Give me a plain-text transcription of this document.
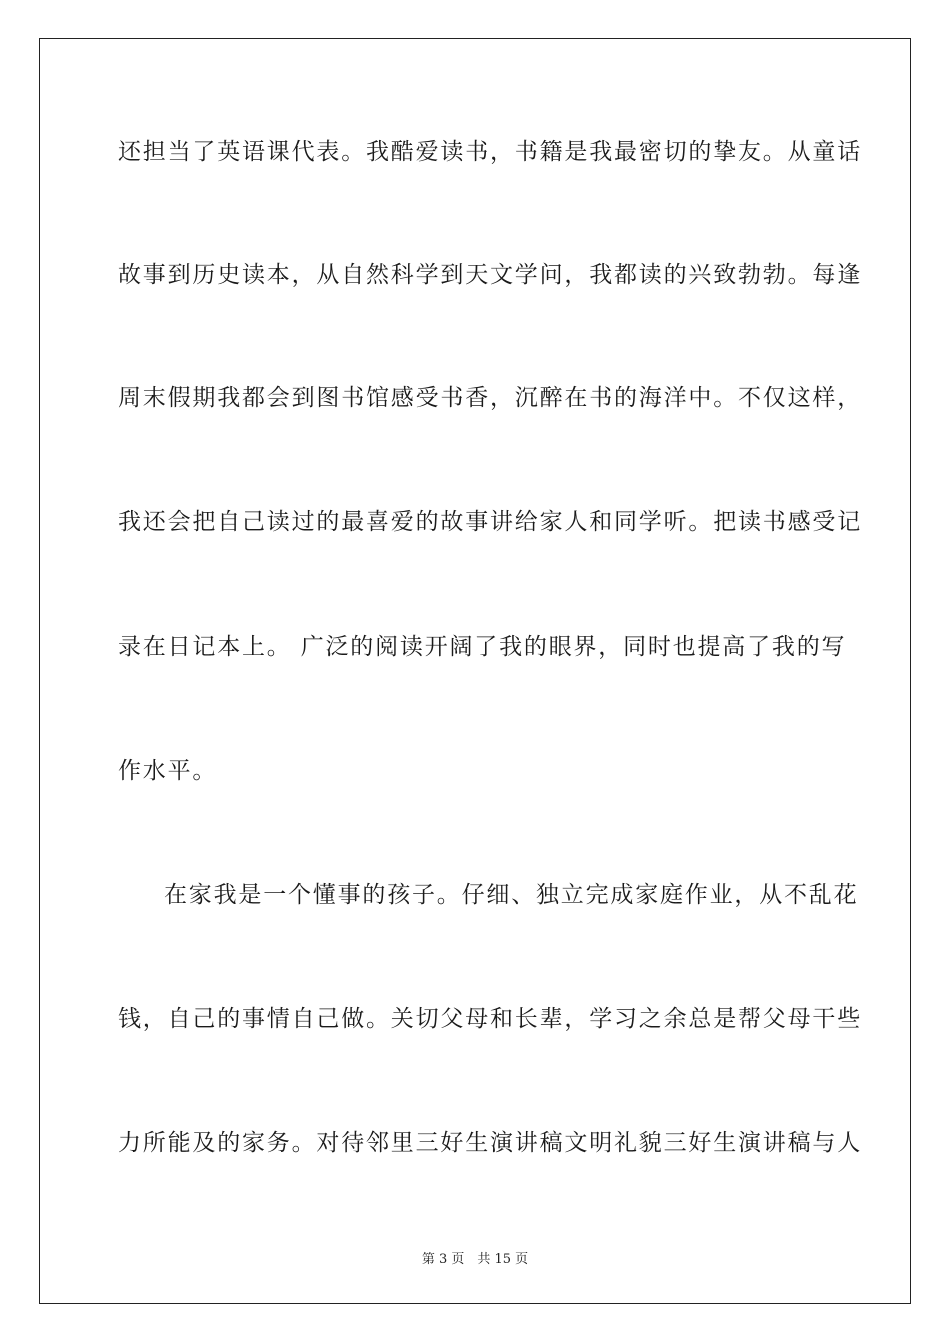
还担当了英语课代表。我酷爱读书，书籍是我最密切的挚友。从童话
故事到历史读本，从自然科学到天文学问，我都读的兴致勃勃。每逢
周末假期我都会到图书馆感受书香，沉醉在书的海洋中。不仅这样，
我还会把自己读过的最喜爱的故事讲给家人和同学听。把读书感受记
录在日记本上。 广泛的阅读开阔了我的眼界，同时也提高了我的写
作水平。
在家我是一个懂事的孩子。仔细、独立完成家庭作业，从不乱花
钱，自己的事情自己做。关切父母和长辈，学习之余总是帮父母干些
力所能及的家务。对待邻里三好生演讲稿文明礼貌三好生演讲稿与人
第 3 页　共 15 页
